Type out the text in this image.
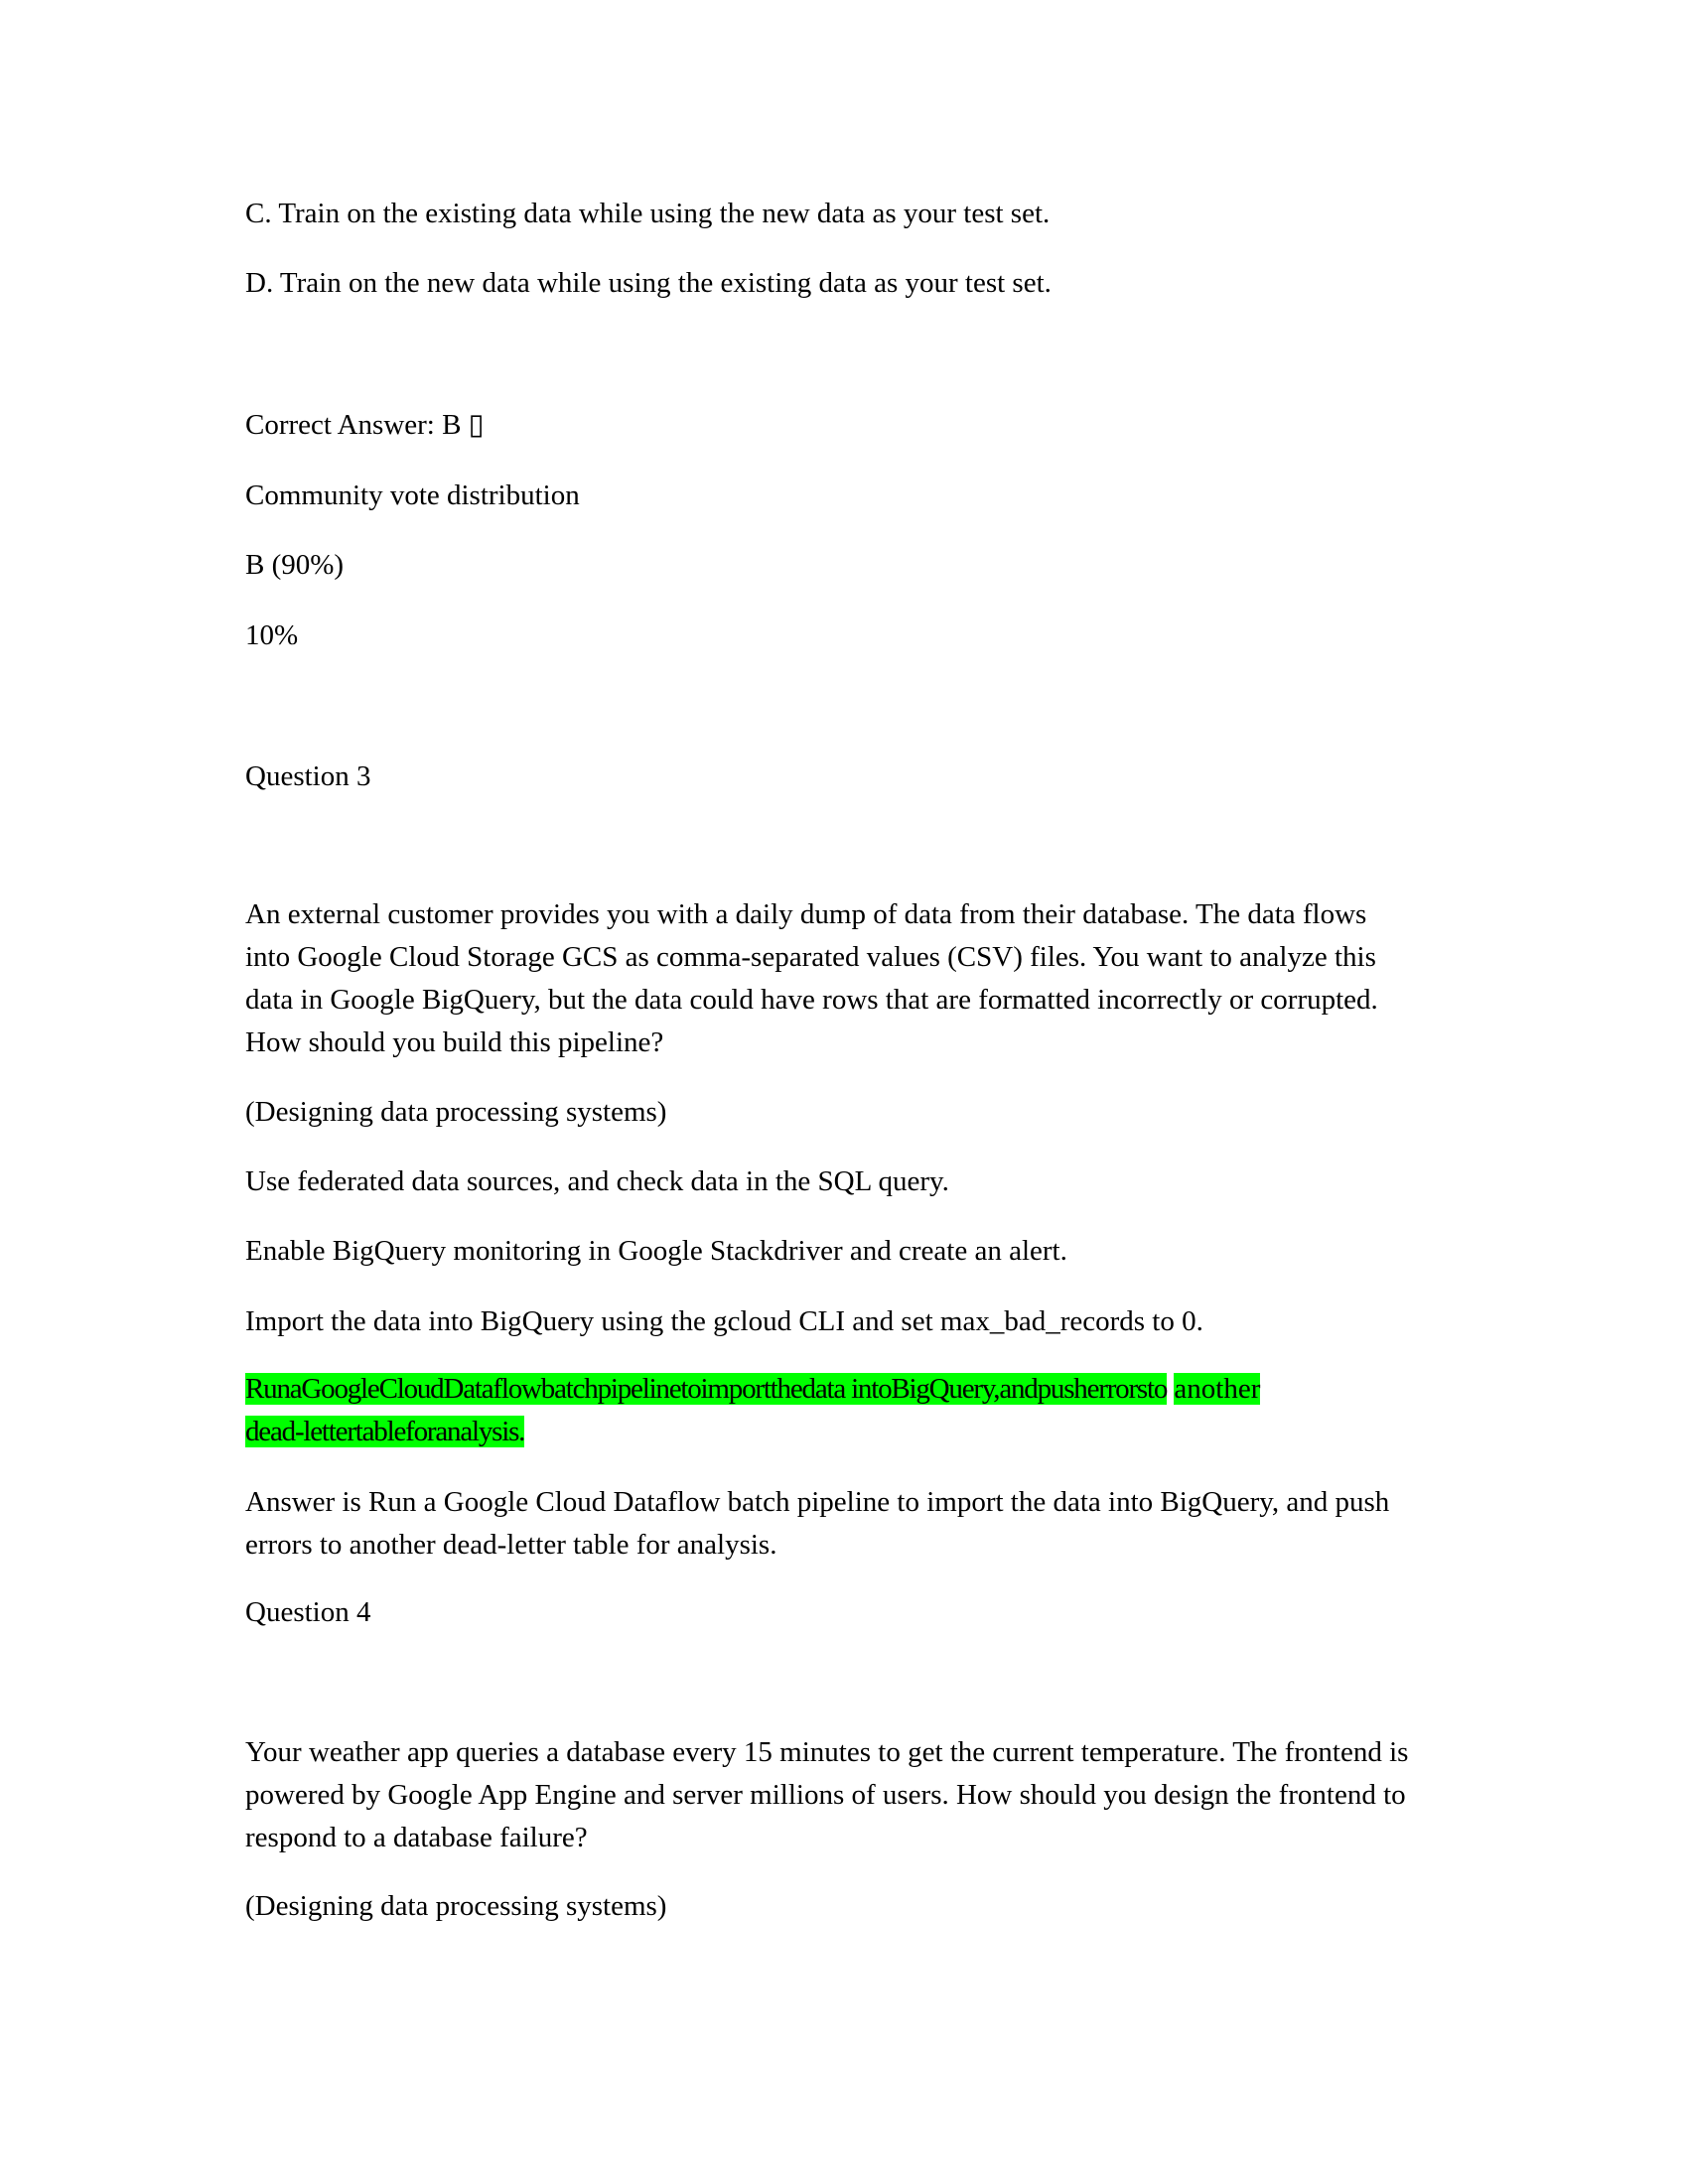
C. Train on the existing data while using the new data as your test set.
D. Train on the new data while using the existing data as your test set.
Correct Answer: B ▯
Community vote distribution
B (90%)
10%
Question 3
An external customer provides you with a daily dump of data from their database. The data flows into Google Cloud Storage GCS as comma-separated values (CSV) files. You want to analyze this data in Google BigQuery, but the data could have rows that are formatted incorrectly or corrupted. How should you build this pipeline?
(Designing data processing systems)
Use federated data sources, and check data in the SQL query.
Enable BigQuery monitoring in Google Stackdriver and create an alert.
Import the data into BigQuery using the gcloud CLI and set max_bad_records to 0.
RunaGoogleCloudDataflowbatchpipelinetoimportthedata intoBigQuery,andpusherrorsto another
dead-lettertableforanalysis.
Answer is Run a Google Cloud Dataflow batch pipeline to import the data into BigQuery, and push errors to another dead-letter table for analysis.
Question 4
Your weather app queries a database every 15 minutes to get the current temperature. The frontend is powered by Google App Engine and server millions of users. How should you design the frontend to respond to a database failure?
(Designing data processing systems)
